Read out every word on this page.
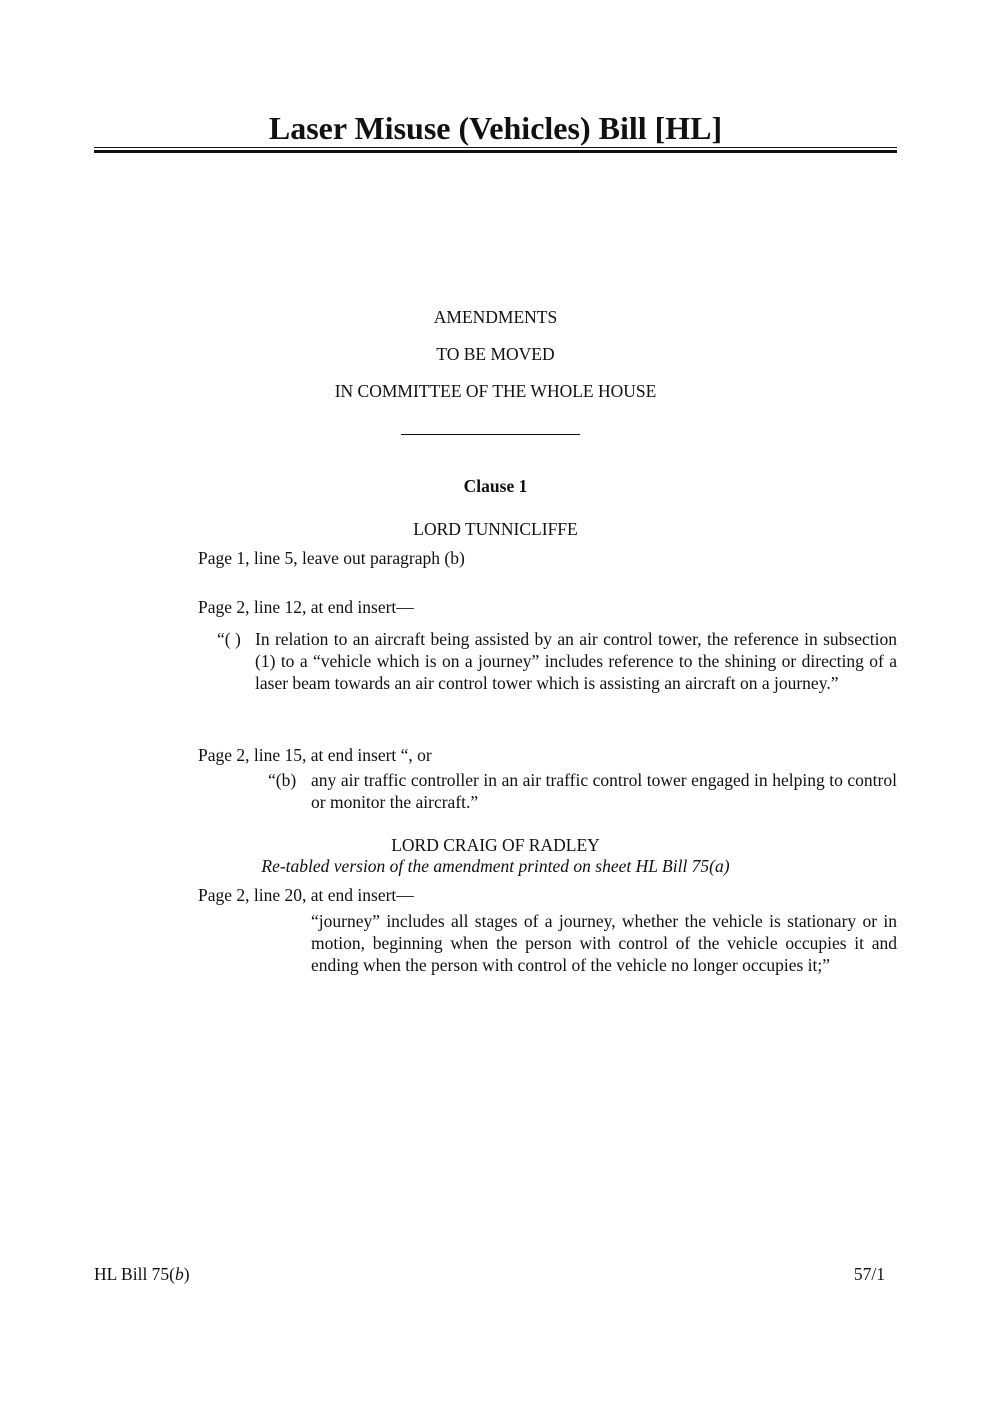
Laser Misuse (Vehicles) Bill [HL]
AMENDMENTS
TO BE MOVED
IN COMMITTEE OF THE WHOLE HOUSE
Clause 1
LORD TUNNICLIFFE
Page 1, line 5, leave out paragraph (b)
Page 2, line 12, at end insert—
“( ) In relation to an aircraft being assisted by an air control tower, the reference in subsection (1) to a “vehicle which is on a journey” includes reference to the shining or directing of a laser beam towards an air control tower which is assisting an aircraft on a journey.”
Page 2, line 15, at end insert “, or
“(b) any air traffic controller in an air traffic control tower engaged in helping to control or monitor the aircraft.”
LORD CRAIG OF RADLEY
Re-tabled version of the amendment printed on sheet HL Bill 75(a)
Page 2, line 20, at end insert—
“journey” includes all stages of a journey, whether the vehicle is stationary or in motion, beginning when the person with control of the vehicle occupies it and ending when the person with control of the vehicle no longer occupies it;”
HL Bill 75(b)	57/1
